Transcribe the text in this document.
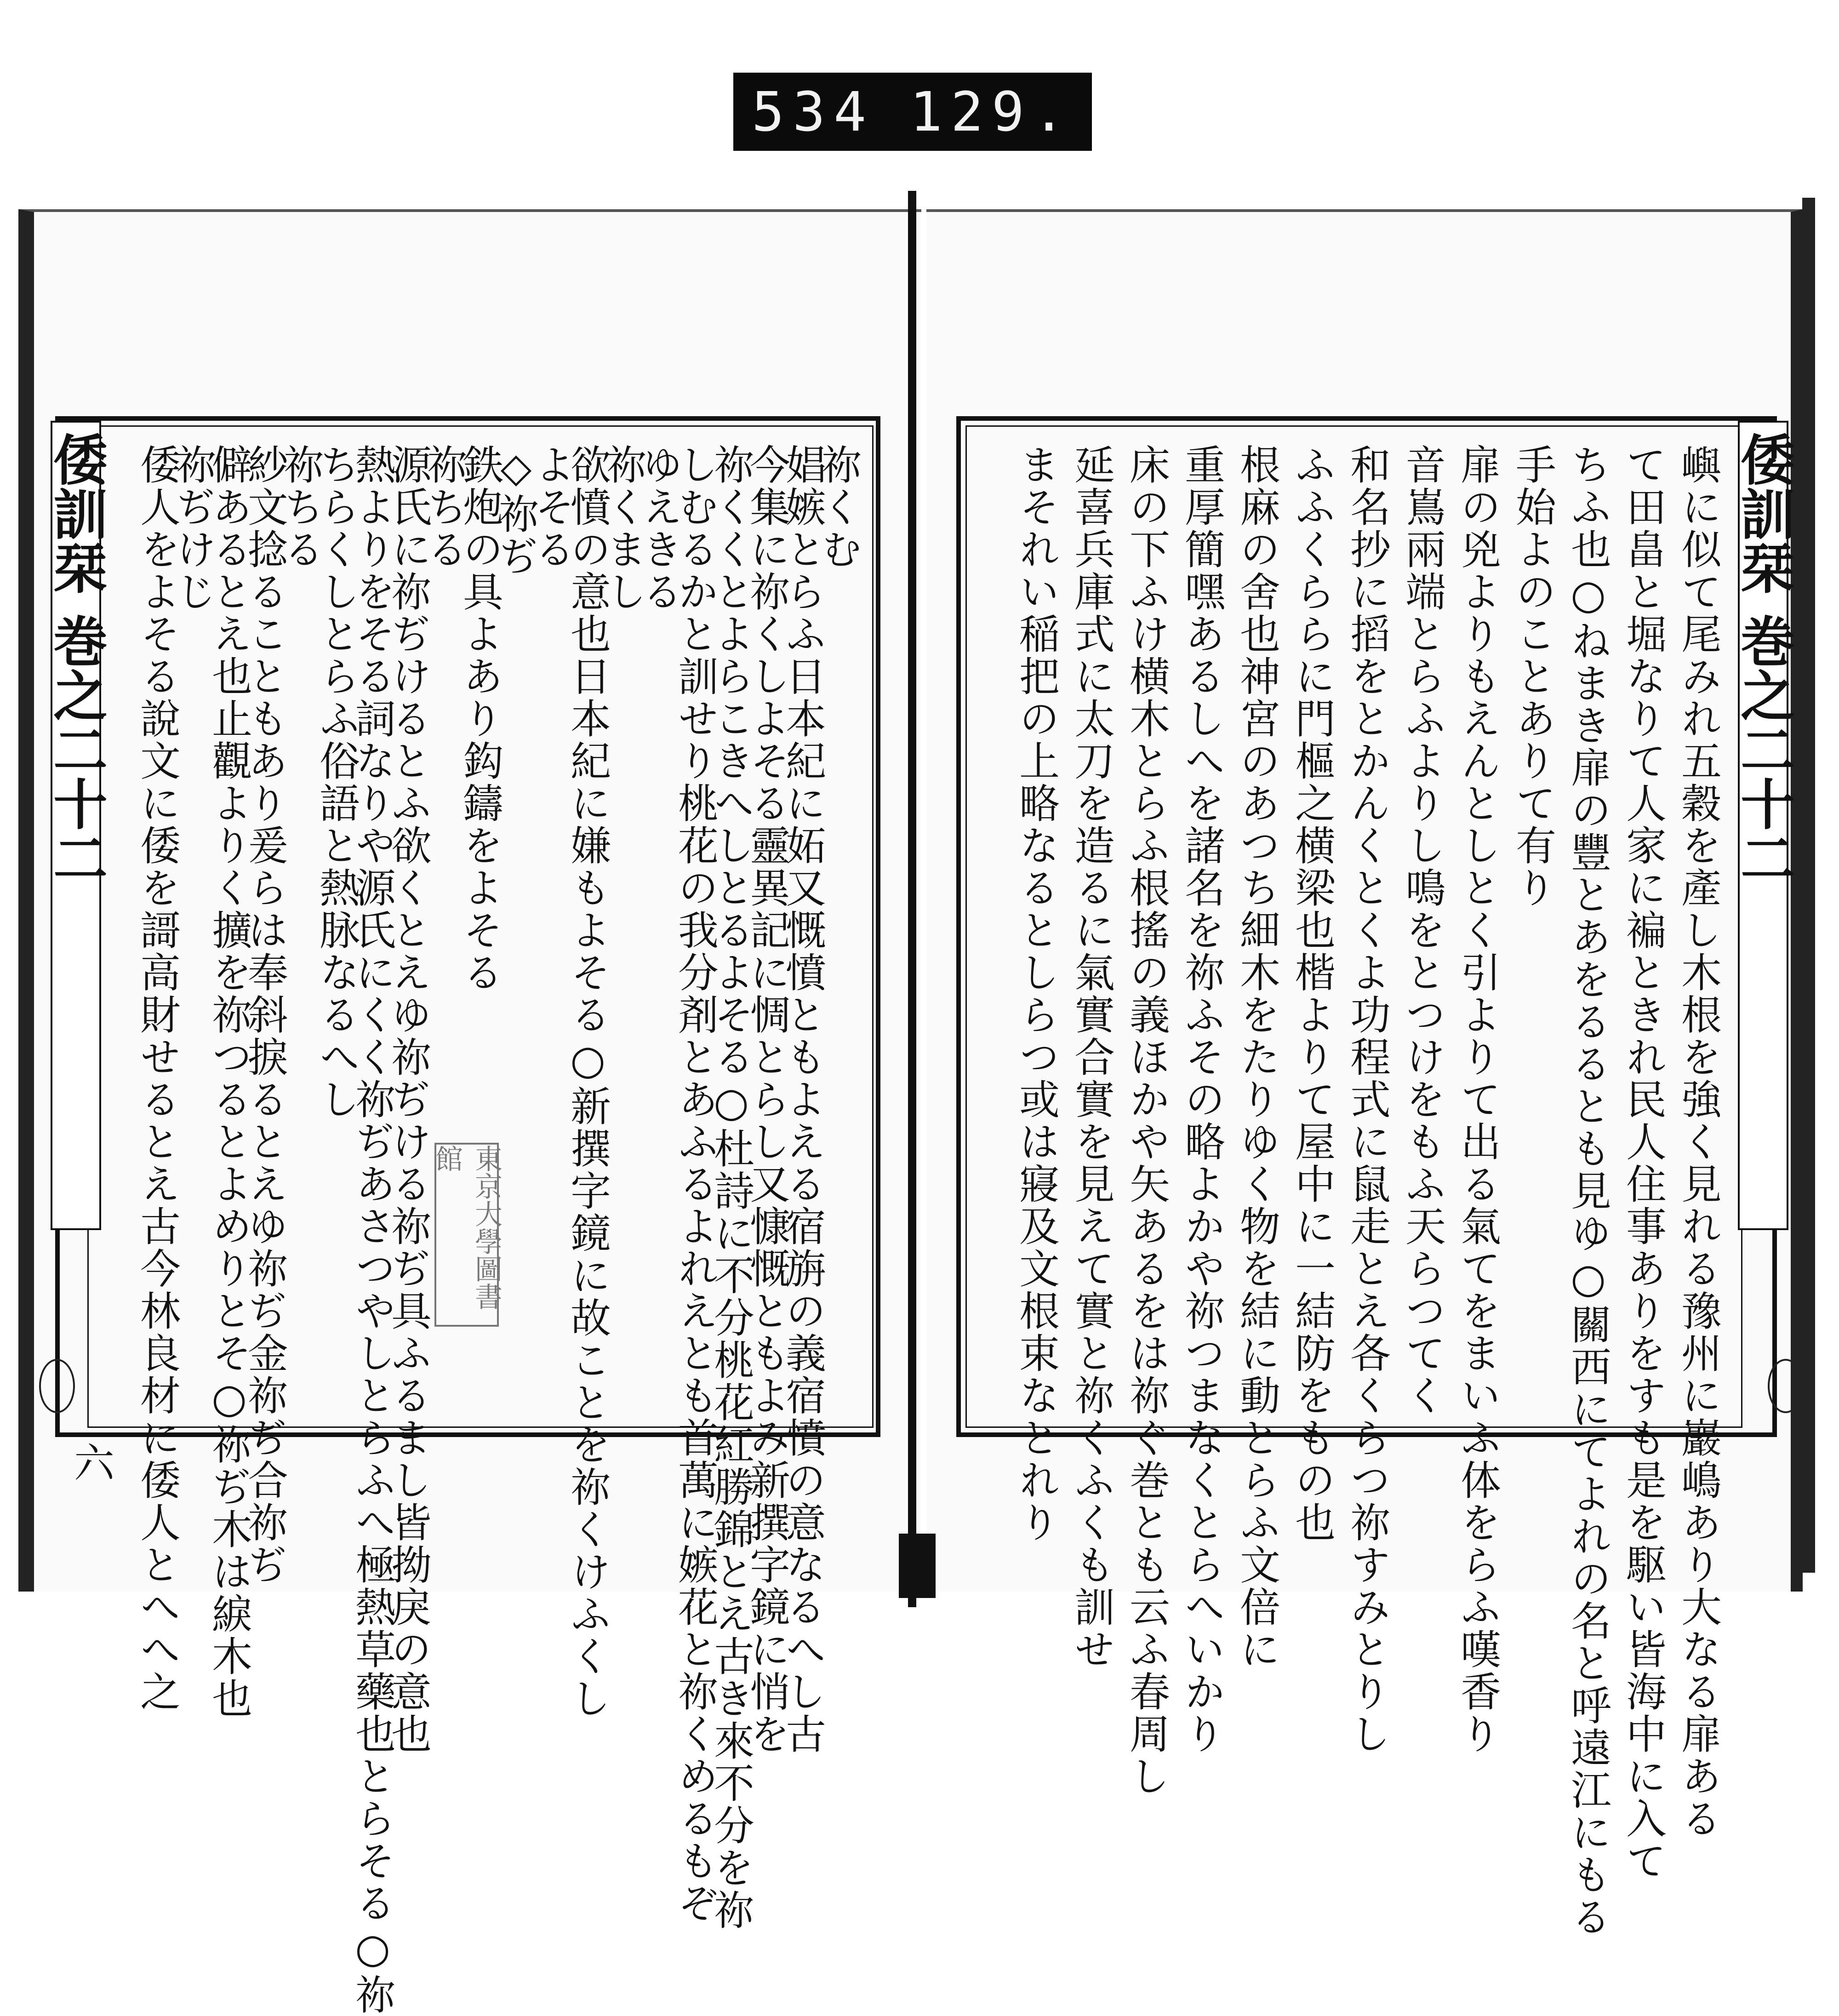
534 129.
倭訓栞 巻之二十二	倭訓栞 巻之二十二
六
東京大學圖書館	嶼に似て尾みれ五穀を產し木根を強く見れる豫州に巖嶋あり大なる扉ある
て田畠と堀なりて人家に褊ときれ民人住事ありをすも是を駆い皆海中に入て
ちふ也○ねまき扉の豐とあをるるとも見ゆ○關西にてよれの名と呼遠江にもる
手始よのことありて有り
扉の兇よりもえんとしとく引よりて出る氣てをまいふ体をらふ嘆香り
音嶌兩端とらふよりし鳴をとつけをもふ天らつてく
和名抄に搯をとかんくとくよ功程式に鼠走とえ各くらつ祢すみとりし
ふふくららに門樞之横梁也楷よりて屋中に一結防をもの也
根麻の舍也神宮のあつち細木をたりゆく物を結に動とらふ文倍に
重厚簡嘿あるしへを諸名を祢ふその略よかや祢つまなくとらへいかり
床の下ふけ横木とらふ根搖の義ほかや矢あるをは祢ぐ巻とも云ふ春周し
延喜兵庫式に太刀を造るに氣實合實を見えて實と祢くふくも訓せ
まそれい稲把の上略なるとしらつ或は寢及文根束なとれり
祢くむ
娼嫉とらふ日本紀に妬又慨憤ともよえる宿旃の義宿憤の意なるへし古
今集に祢くしよそる靈異記に惆とらし又慷慨ともよみ新撰字鏡に悄を
祢くくとよらこきへしとるよそる○杜詩に不分桃花紅勝錦とえ古き來不分を祢
しむるかと訓せり桃花の我分剤とあふるよれえとも首萬に嫉花と祢くめるもぞ
ゆえきる
祢くまし
欲憤の意也日本紀に嫌もよそる○新撰字鏡に故ことを祢くけふくし
よそる
◇祢ぢ
鉄炮の具よあり鈎鑄をよそる
祢ちる
源氏に祢ぢけるとふ欲くとえゆ祢ぢける祢ぢ具ふるまし皆拗戾の意也
熱よりをそる詞なりや源氏にくく祢ぢあさつやしとらふへ極熱草藥也とらそる○祢
ちらくしとらふ俗語と熱脉なるへし
祢ちる
紗文捻ることもあり爰らは奉斜捩るとえゆ祢ぢ金祢ぢ合祢ぢ
僻あるとえ也止觀よりく擴を祢つるとよめりとそ○祢ぢ木は綟木也
祢ぢけじ
倭人をよそる說文に倭を謌高財せるとえ古今林良材に倭人とへへ之
